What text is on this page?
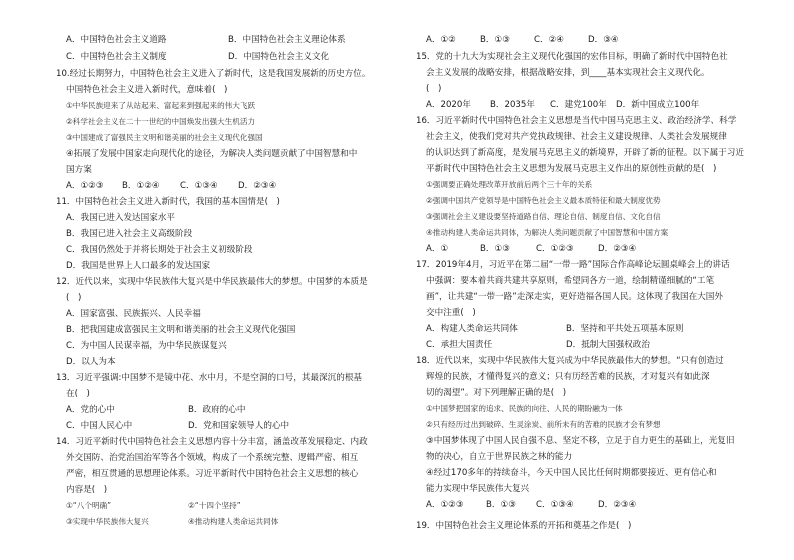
A．中国特色社会主义道路	B．中国特色社会主义理论体系
C．中国特色社会主义制度	D．中国特色社会主义文化
10.经过长期努力，中国特色社会主义进入了新时代，这是我国发展新的历史方位。
中国特色社会主义进入新时代，意味着(　)
①中华民族迎来了从站起来、富起来到强起来的伟大飞跃
②科学社会主义在二十一世纪的中国焕发出强大生机活力
③中国建成了富强民主文明和谐美丽的社会主义现代化强国
④拓展了发展中国家走向现代化的途径，为解决人类问题贡献了中国智慧和中
国方案
A．①②③ B．①②④ C．①③④ D．②③④
11．中国特色社会主义进入新时代，我国的基本国情是(　)
A．我国已进入发达国家水平
B．我国已进入社会主义高级阶段
C．我国仍然处于并将长期处于社会主义初级阶段
D．我国是世界上人口最多的发达国家
12．近代以来，实现中华民族伟大复兴是中华民族最伟大的梦想。中国梦的本质是
(　)
A．国家富强、民族振兴、人民幸福
B．把我国建成富强民主文明和谐美丽的社会主义现代化强国
C．为中国人民谋幸福，为中华民族谋复兴
D．以人为本
13．习近平强调:中国梦不是镜中花、水中月，不是空洞的口号，其最深沉的根基
在(　)
A．党的心中	B．政府的心中
C．中国人民心中	D．党和国家领导人的心中
14．习近平新时代中国特色社会主义思想内容十分丰富，涵盖改革发展稳定、内政
外交国防、治党治国治军等各个领域，构成了一个系统完整、逻辑严密、相互
严密，相互贯通的思想理论体系。习近平新时代中国特色社会主义思想的核心
内容是(　)
①“八个明确”	②“十四个坚持”
③实现中华民族伟大复兴	④推动构建人类命运共同体
A．①②	B．①③	C．②④	D．③④
15．党的十九大为实现社会主义现代化强国的宏伟目标，明确了新时代中国特色社
会主义发展的战略安排，根据战略安排，到____基本实现社会主义现代化。
(　)
A．2020年 B．2035年 C．建党100年 D．新中国成立100年
16．习近平新时代中国特色社会主义思想是当代中国马克思主义、政治经济学、科学
社会主义，使我们党对共产党执政规律、社会主义建设规律、人类社会发展规律
的认识达到了新高度，是发展马克思主义的新境界，开辟了新的征程。以下属于习近
平新时代中国特色社会主义思想为发展马克思主义作出的原创性贡献的是(　)
①强调要正确处理改革开放前后两个三十年的关系
②强调中国共产党领导是中国特色社会主义最本质特征和最大制度优势
③强调社会主义建设要坚持道路自信、理论自信、制度自信、文化自信
④推动构建人类命运共同体，为解决人类问题贡献了中国智慧和中国方案
A．①	B．①③	C．①②③	D．②③④
17．2019年4月，习近平在第二届“一带一路”国际合作高峰论坛圆桌峰会上的讲话
中强调：要本着共商共建共享原则，希望同各方一道，绘制精谨细腻的“工笔
画”，让共建“一带一路”走深走实，更好造福各国人民。这体现了我国在大国外
交中注重(　)
A．构建人类命运共同体	B．坚持和平共处五项基本原则
C．承担大国责任	D．抵制大国强权政治
18．近代以来，实现中华民族伟大复兴成为中华民族最伟大的梦想。“只有创造过
辉煌的民族，才懂得复兴的意义；只有历经苦难的民族，才对复兴有如此深
切的渴望”。对下列理解正确的是(　)
①中国梦把国家的追求、民族的向往、人民的期盼融为一体
②只有经历过出到破碎、生灵涂炭、前所未有的苦难的民族才会有梦想
③中国梦体现了中国人民自强不息、坚定不移，立足于自力更生的基础上，光复旧
物的决心，自立于世界民族之林的能力
④经过170多年的持续奋斗，今天中国人民比任何时期都要接近、更有信心和
能力实现中华民族伟大复兴
A．①②③	B．①③ C．①③④	D．②③④
19．中国特色社会主义理论体系的开拓和奠基之作是(　)
